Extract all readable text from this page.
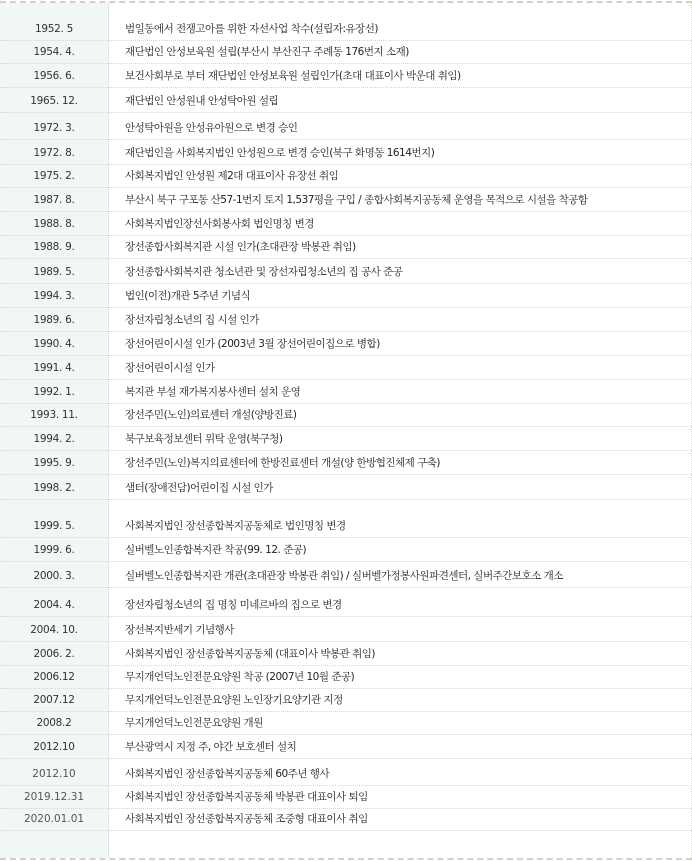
1952. 5	범일동에서 전쟁고아를 위한 자선사업 착수(설립자:유장선)
1954. 4.	재단법인 안성보육원 설립(부산시 부산진구 주례동 176번지 소재)
1956. 6.	보건사회부로 부터 재단법인 안성보육원 설립인가(초대 대표이사 박운대 취임)
1965. 12.	재단법인 안성원내 안성탁아원 설립
1972. 3.	안성탁아원을 안성유아원으로 변경 승인
1972. 8.	재단법인을 사회복지법인 안성원으로 변경 승인(북구 화명동 1614번지)
1975. 2.	사회복지법인 안성원 제2대 대표이사 유장선 취임
1987. 8.	부산시 북구 구포동 산57-1번지 토지 1,537평을 구입 / 종합사회복지공동체 운영을 목적으로 시설을 착공함
1988. 8.	사회복지법인장선사회봉사회 법인명칭 변경
1988. 9.	장선종합사회복지관 시설 인가(초대관장 박봉관 취임)
1989. 5.	장선종합사회복지관 청소년관 및 장선자립청소년의 집 공사 준공
1994. 3.	법인(이전)개관 5주년 기념식
1989. 6.	장선자립청소년의 집 시설 인가
1990. 4.	장선어린이시설 인가 (2003년 3월 장선어린이집으로 병합)
1991. 4.	장선어린이시설 인가
1992. 1.	복지관 부설 재가복지봉사센터 설치 운영
1993. 11.	장선주민(노인)의료센터 개설(양방진료)
1994. 2.	북구보육정보센터 위탁 운영(북구청)
1995. 9.	장선주민(노인)복지의료센터에 한방진료센터 개설(양 한방협진체제 구축)
1998. 2.	샘터(장애전담)어린이집 시설 인가
1999. 5.	사회복지법인 장선종합복지공동체로 법인명칭 변경
1999. 6.	실버벨노인종합복지관 착공(99. 12. 준공)
2000. 3.	실버벨노인종합복지관 개관(초대관장 박봉관 취임) / 실버벨가정봉사원파견센터, 실버주간보호소 개소
2004. 4.	장선자립청소년의 집 명칭 미네르바의 집으로 변경
2004. 10.	장선복지반세기 기념행사
2006. 2.	사회복지법인 장선종합복지공동체 (대표이사 박봉관 취임)
2006.12	무지개언덕노인전문요양원 착공 (2007년 10월 준공)
2007.12	무지개언덕노인전문요양원 노인장기요양기관 지정
2008.2	무지개언덕노인전문요양원 개원
2012.10	부산광역시 지정 주, 야간 보호센터 설치
2012.10	사회복지법인 장선종합복지공동체 60주년 행사
2019.12.31	사회복지법인 장선종합복지공동체 박봉관 대표이사 퇴임
2020.01.01	사회복지법인 장선종합복지공동체 조중형 대표이사 취임
